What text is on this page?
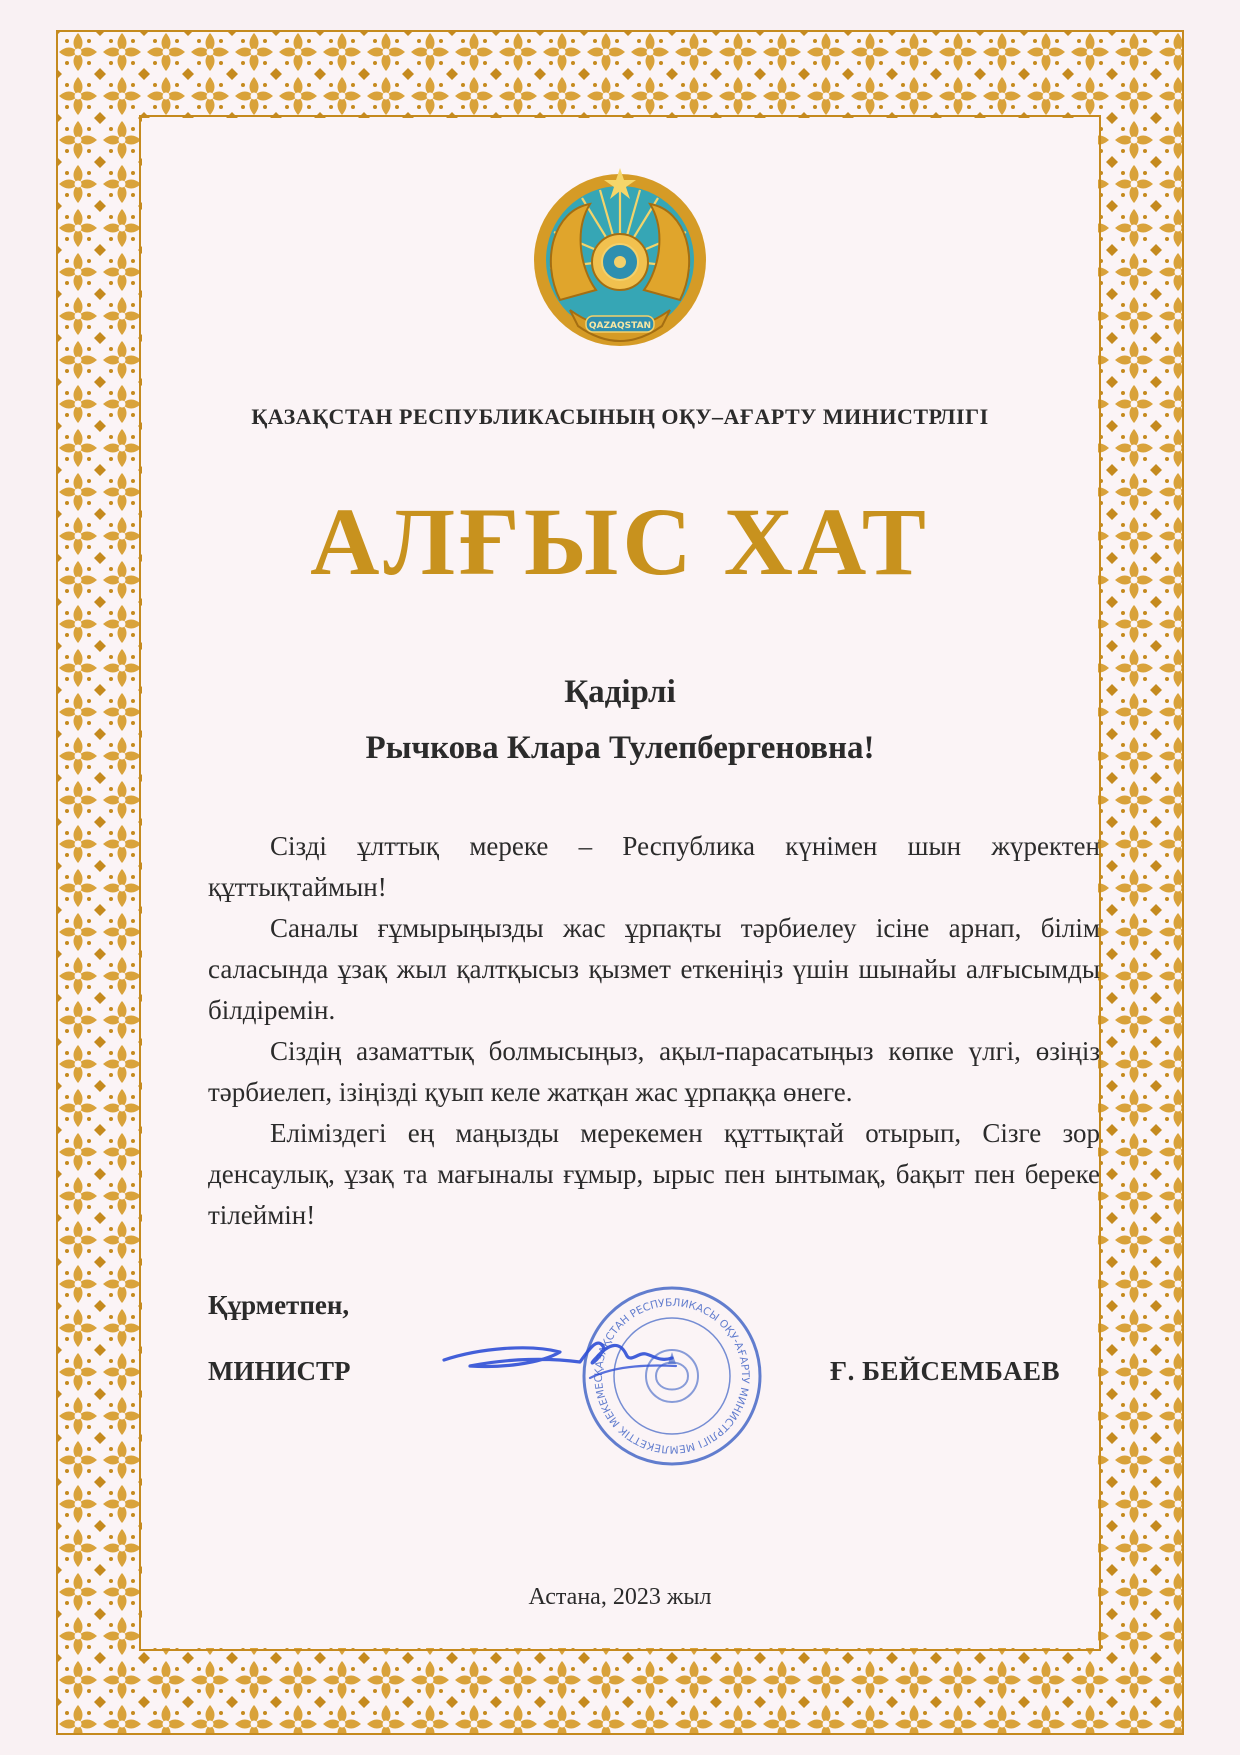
QAZAQSTAN
ҚАЗАҚСТАН РЕСПУБЛИКАСЫНЫҢ ОҚУ–АҒАРТУ МИНИСТРЛІГІ
АЛҒЫС ХАТ
Қадірлі
Рычкова Клара Тулепбергеновна!

Сізді ұлттық мереке – Республика күнімен шын жүректен құттықтаймын!

Саналы ғұмырыңызды жас ұрпақты тәрбиелеу ісіне арнап, білім саласында ұзақ жыл қалтқысыз қызмет еткеніңіз үшін шынайы алғысымды білдіремін.

Сіздің азаматтық болмысыңыз, ақыл-парасатыңыз көпке үлгі, өзіңіз тәрбиелеп, ізіңізді қуып келе жатқан жас ұрпаққа өнеге.

Еліміздегі ең маңызды мерекемен құттықтай отырып, Сізге зор денсаулық, ұзақ та мағыналы ғұмыр, ырыс пен ынтымақ, бақыт пен береке тілеймін!

Құрметпен,
ҚАЗАҚСТАН РЕСПУБЛИКАСЫ ОҚУ-АҒАРТУ МИНИСТРЛІГІ МЕМЛЕКЕТТІК МЕКЕМЕС
МИНИСТР	Ғ. БЕЙСЕМБАЕВ
Астана, 2023 жыл
